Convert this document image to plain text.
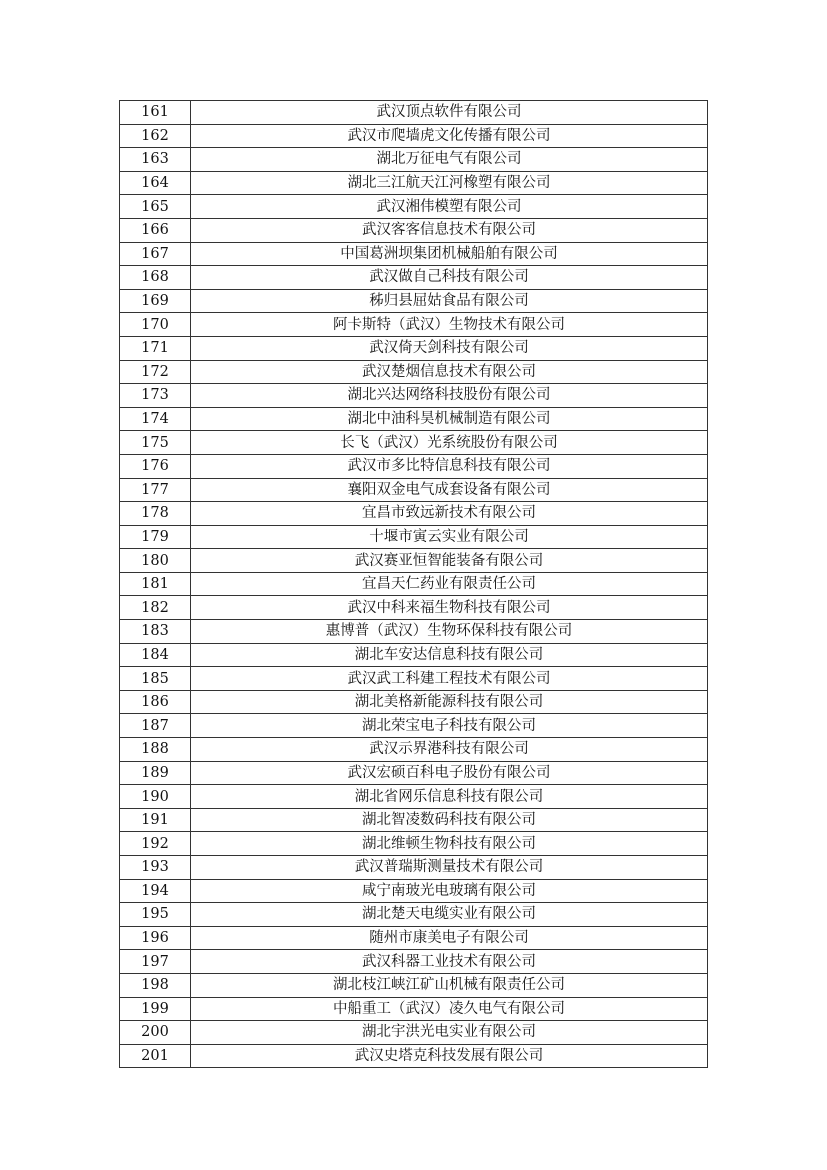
161	武汉顶点软件有限公司
162	武汉市爬墙虎文化传播有限公司
163	湖北万征电气有限公司
164	湖北三江航天江河橡塑有限公司
165	武汉湘伟模塑有限公司
166	武汉客客信息技术有限公司
167	中国葛洲坝集团机械船舶有限公司
168	武汉做自己科技有限公司
169	秭归县屈姑食品有限公司
170	阿卡斯特（武汉）生物技术有限公司
171	武汉倚天剑科技有限公司
172	武汉楚烟信息技术有限公司
173	湖北兴达网络科技股份有限公司
174	湖北中油科昊机械制造有限公司
175	长飞（武汉）光系统股份有限公司
176	武汉市多比特信息科技有限公司
177	襄阳双金电气成套设备有限公司
178	宜昌市致远新技术有限公司
179	十堰市寅云实业有限公司
180	武汉赛亚恒智能装备有限公司
181	宜昌天仁药业有限责任公司
182	武汉中科来福生物科技有限公司
183	惠博普（武汉）生物环保科技有限公司
184	湖北车安达信息科技有限公司
185	武汉武工科建工程技术有限公司
186	湖北美格新能源科技有限公司
187	湖北荣宝电子科技有限公司
188	武汉示界港科技有限公司
189	武汉宏硕百科电子股份有限公司
190	湖北省网乐信息科技有限公司
191	湖北智凌数码科技有限公司
192	湖北维顿生物科技有限公司
193	武汉普瑞斯测量技术有限公司
194	咸宁南玻光电玻璃有限公司
195	湖北楚天电缆实业有限公司
196	随州市康美电子有限公司
197	武汉科器工业技术有限公司
198	湖北枝江峡江矿山机械有限责任公司
199	中船重工（武汉）凌久电气有限公司
200	湖北宇洪光电实业有限公司
201	武汉史塔克科技发展有限公司
